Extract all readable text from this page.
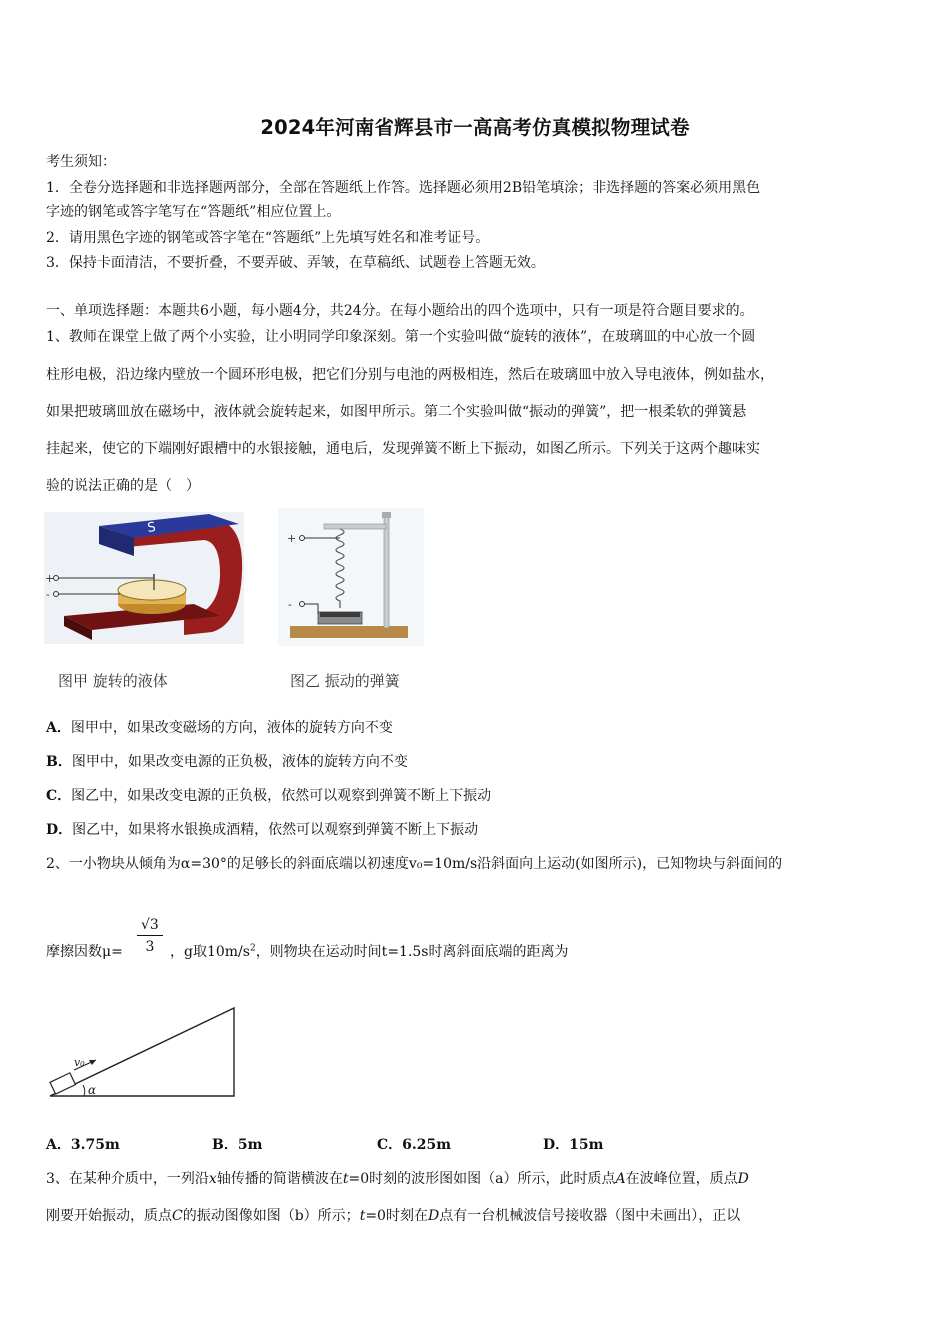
2024年河南省辉县市一高高考仿真模拟物理试卷
考生须知：
1．全卷分选择题和非选择题两部分，全部在答题纸上作答。选择题必须用2B铅笔填涂；非选择题的答案必须用黑色
字迹的钢笔或答字笔写在“答题纸”相应位置上。
2．请用黑色字迹的钢笔或答字笔在“答题纸”上先填写姓名和准考证号。
3．保持卡面清洁，不要折叠，不要弄破、弄皱，在草稿纸、试题卷上答题无效。
一、单项选择题：本题共6小题，每小题4分，共24分。在每小题给出的四个选项中，只有一项是符合题目要求的。
1、教师在课堂上做了两个小实验，让小明同学印象深刻。第一个实验叫做“旋转的液体”，在玻璃皿的中心放一个圆
柱形电极，沿边缘内壁放一个圆环形电极，把它们分别与电池的两极相连，然后在玻璃皿中放入导电液体，例如盐水，
如果把玻璃皿放在磁场中，液体就会旋转起来，如图甲所示。第二个实验叫做“振动的弹簧”，把一根柔软的弹簧悬
挂起来，使它的下端刚好跟槽中的水银接触，通电后，发现弹簧不断上下振动，如图乙所示。下列关于这两个趣味实
验的说法正确的是（　）
S
+
-
+
-
图甲 旋转的液体	图乙 振动的弹簧
A．图甲中，如果改变磁场的方向，液体的旋转方向不变
B．图甲中，如果改变电源的正负极，液体的旋转方向不变
C．图乙中，如果改变电源的正负极，依然可以观察到弹簧不断上下振动
D．图乙中，如果将水银换成酒精，依然可以观察到弹簧不断上下振动
2、一小物块从倾角为α=30°的足够长的斜面底端以初速度v₀=10m/s沿斜面向上运动(如图所示)，已知物块与斜面间的
摩擦因数$\mu= \frac{√3}{3}$ ，g取$10m/s^2$，则物块在运动时间t=1.5s时离斜面底端的距离为
v₀
α
A．3.75m	B．5m	C．6.25m	D．15m
3、在某种介质中，一列沿x轴传播的简谐横波在t=0时刻的波形图如图（a）所示，此时质点A在波峰位置，质点D
刚要开始振动，质点C的振动图像如图（b）所示；t=0时刻在D点有一台机械波信号接收器（图中未画出），正以
